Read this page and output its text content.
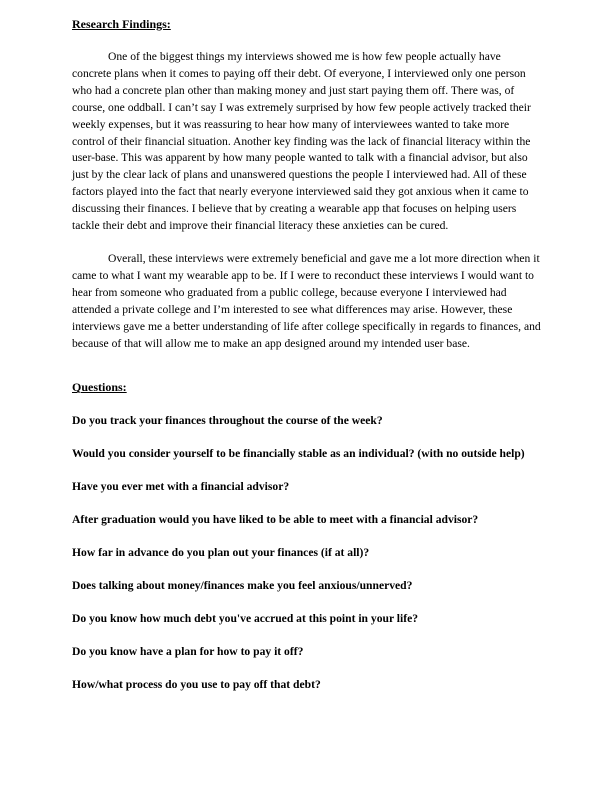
Research Findings:

One of the biggest things my interviews showed me is how few people actually have concrete plans when it comes to paying off their debt. Of everyone, I interviewed only one person who had a concrete plan other than making money and just start paying them off. There was, of course, one oddball. I can’t say I was extremely surprised by how few people actively tracked their weekly expenses, but it was reassuring to hear how many of interviewees wanted to take more control of their financial situation. Another key finding was the lack of financial literacy within the user-base. This was apparent by how many people wanted to talk with a financial advisor, but also just by the clear lack of plans and unanswered questions the people I interviewed had. All of these factors played into the fact that nearly everyone interviewed said they got anxious when it came to discussing their finances. I believe that by creating a wearable app that focuses on helping users tackle their debt and improve their financial literacy these anxieties can be cured.

Overall, these interviews were extremely beneficial and gave me a lot more direction when it came to what I want my wearable app to be. If I were to reconduct these interviews I would want to hear from someone who graduated from a public college, because everyone I interviewed had attended a private college and I’m interested to see what differences may arise. However, these interviews gave me a better understanding of life after college specifically in regards to finances, and because of that will allow me to make an app designed around my intended user base.

Questions:
Do you track your finances throughout the course of the week?
Would you consider yourself to be financially stable as an individual? (with no outside help)
Have you ever met with a financial advisor?
After graduation would you have liked to be able to meet with a financial advisor?
How far in advance do you plan out your finances (if at all)?
Does talking about money/finances make you feel anxious/unnerved?
Do you know how much debt you've accrued at this point in your life?
Do you know have a plan for how to pay it off?
How/what process do you use to pay off that debt?
